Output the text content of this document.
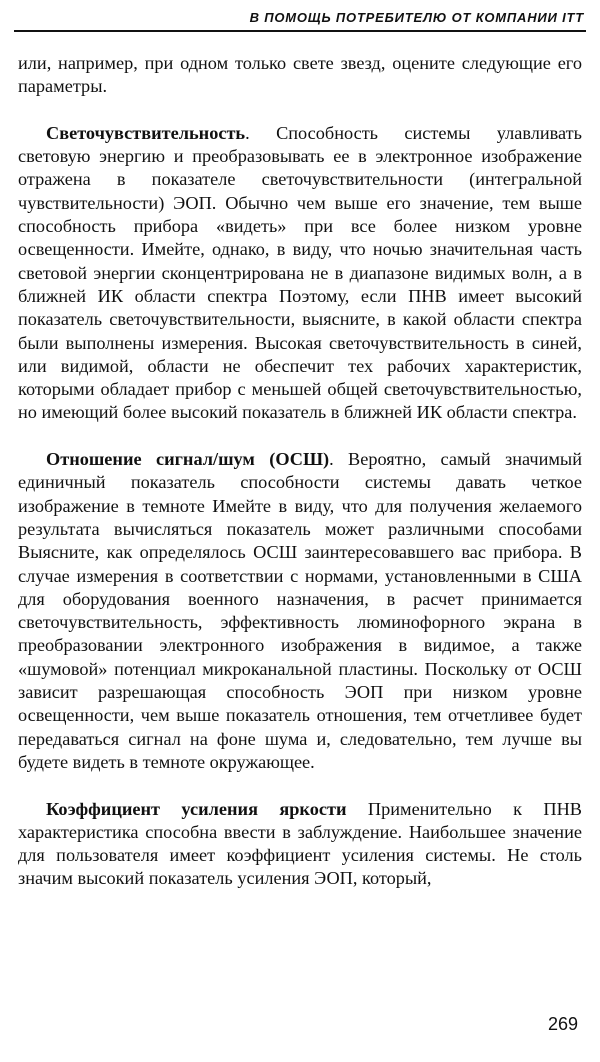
В ПОМОЩЬ ПОТРЕБИТЕЛЮ ОТ КОМПАНИИ ITT

или, например, при одном только свете звезд, оцените следующие его параметры.

Светочувствительность. Способность системы улавливать световую энергию и преобразовывать ее в электронное изображение отражена в показателе светочувствительности (интегральной чувствительности) ЭОП. Обычно чем выше его значение, тем выше способность прибора «видеть» при все более низком уровне освещенности. Имейте, однако, в виду, что ночью значительная часть световой энергии сконцентрирована не в диапазоне видимых волн, а в ближней ИК области спектра Поэтому, если ПНВ имеет высокий показатель светочувствительности, выясните, в какой области спектра были выполнены измерения. Высокая светочувствительность в синей, или видимой, области не обеспечит тех рабочих характеристик, которыми обладает прибор с меньшей общей светочувствительностью, но имеющий более высокий показатель в ближней ИК области спектра.

Отношение сигнал/шум (ОСШ). Вероятно, самый значимый единичный показатель способности системы давать четкое изображение в темноте Имейте в виду, что для получения желаемого результата вычисляться показатель может различными способами Выясните, как определялось ОСШ заинтересовавшего вас прибора. В случае измерения в соответствии с нормами, установленными в США для оборудования военного назначения, в расчет принимается светочувствительность, эффективность люминофорного экрана в преобразовании электронного изображения в видимое, а также «шумовой» потенциал микроканальной пластины. Поскольку от ОСШ зависит разрешающая способность ЭОП при низком уровне освещенности, чем выше показатель отношения, тем отчетливее будет передаваться сигнал на фоне шума и, следовательно, тем лучше вы будете видеть в темноте окружающее.

Коэффициент усиления яркости Применительно к ПНВ характеристика способна ввести в заблуждение. Наибольшее значение для пользователя имеет коэффициент усиления системы. Не столь значим высокий показатель усиления ЭОП, который,

269
